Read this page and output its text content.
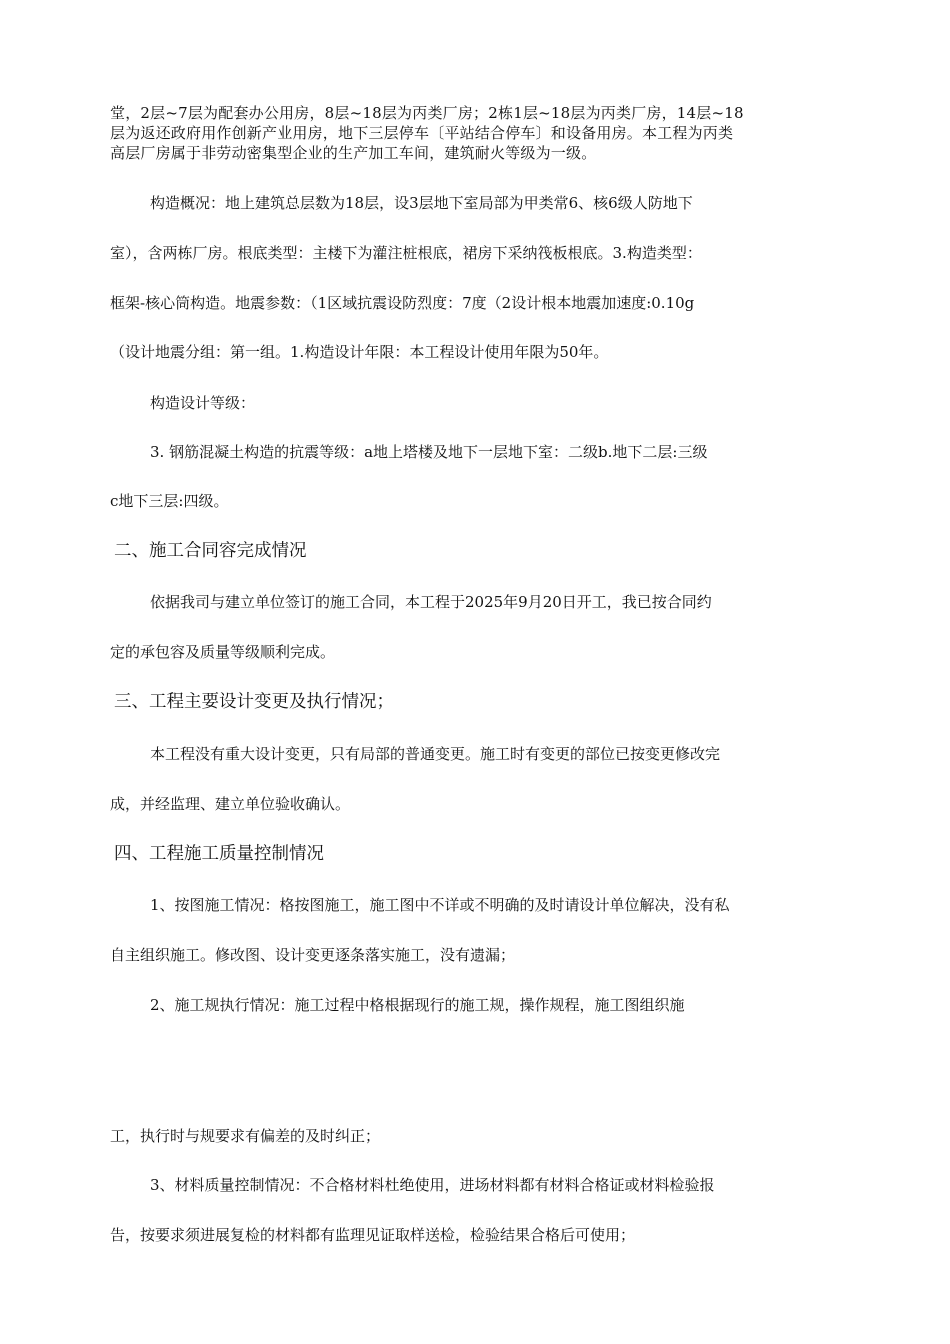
堂，2层~7层为配套办公用房，8层~18层为丙类厂房；2栋1层~18层为丙类厂房，14层~18
层为返还政府用作创新产业用房，地下三层停车〔平站结合停车〕和设备用房。本工程为丙类
高层厂房属于非劳动密集型企业的生产加工车间，建筑耐火等级为一级。
构造概况：地上建筑总层数为18层，设3层地下室局部为甲类常6、核6级人防地下
室），含两栋厂房。根底类型：主楼下为灌注桩根底，裙房下采纳筏板根底。3.构造类型：
框架-核心筒构造。地震参数：（1区域抗震设防烈度：7度（2设计根本地震加速度:0.10g
（设计地震分组：第一组。1.构造设计年限：本工程设计使用年限为50年。
构造设计等级：
3. 钢筋混凝土构造的抗震等级：a地上塔楼及地下一层地下室：二级b.地下二层:三级
c地下三层:四级。
二、施工合同容完成情况
依据我司与建立单位签订的施工合同，本工程于2025年9月20日开工，我已按合同约
定的承包容及质量等级顺利完成。
三、工程主要设计变更及执行情况；
本工程没有重大设计变更，只有局部的普通变更。施工时有变更的部位已按变更修改完
成，并经监理、建立单位验收确认。
四、工程施工质量控制情况
1、按图施工情况：格按图施工，施工图中不详或不明确的及时请设计单位解决，没有私
自主组织施工。修改图、设计变更逐条落实施工，没有遗漏；
2、施工规执行情况：施工过程中格根据现行的施工规，操作规程，施工图组织施
工，执行时与规要求有偏差的及时纠正；
3、材料质量控制情况：不合格材料杜绝使用，进场材料都有材料合格证或材料检验报
告，按要求须进展复检的材料都有监理见证取样送检，检验结果合格后可使用；
